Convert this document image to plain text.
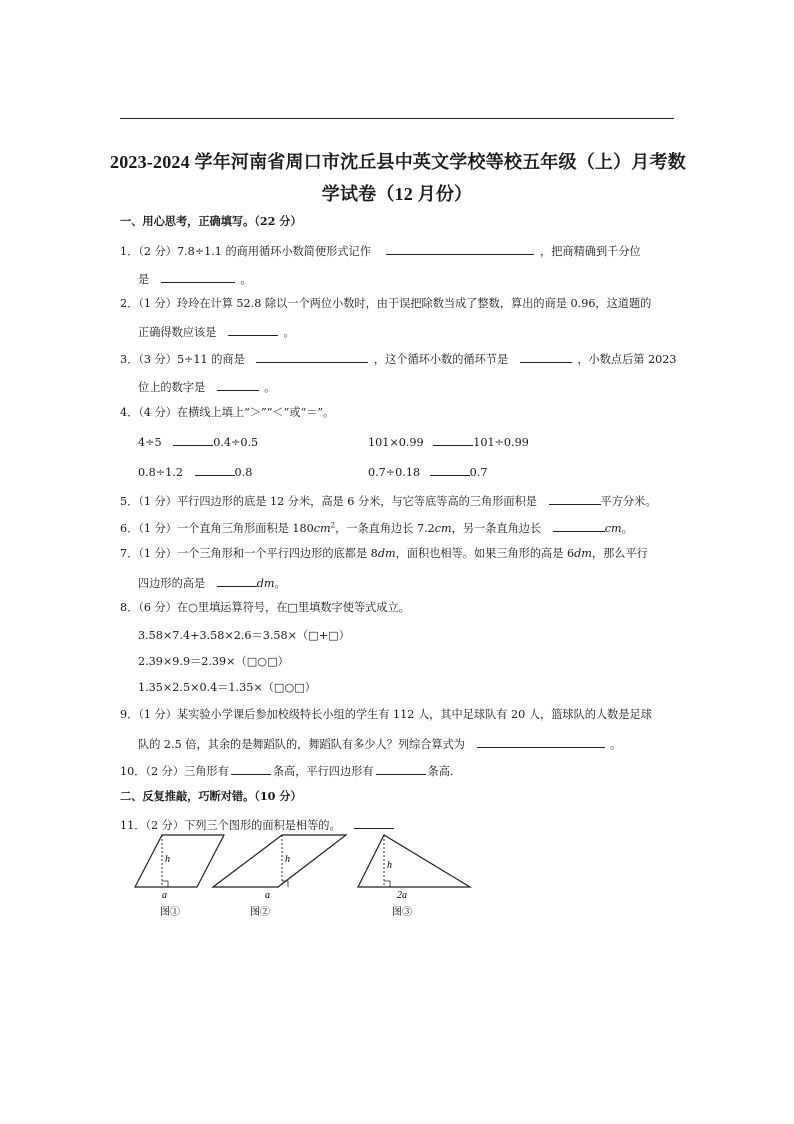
2023-2024 学年河南省周口市沈丘县中英文学校等校五年级（上）月考数
学试卷（12 月份）
一、用心思考，正确填写。（22 分）
1．（2 分）7.8÷1.1 的商用循环小数简便形式记作	，把商精确到千分位
是	。
2．（1 分）玲玲在计算 52.8 除以一个两位小数时，由于误把除数当成了整数，算出的商是 0.96，这道题的
正确得数应该是	。
3．（3 分）5÷11 的商是	，这个循环小数的循环节是	，小数点后第 2023
位上的数字是	。
4．（4 分）在横线上填上“＞”“＜”或“＝”。
4÷5	0.4÷0.5	101×0.99	101÷0.99
0.8÷1.2	0.8	0.7÷0.18	0.7
5．（1 分）平行四边形的底是 12 分米，高是 6 分米，与它等底等高的三角形面积是	平方分米。
6．（1 分）一个直角三角形面积是 $180cm^2$，一条直角边长 7.2cm，另一条直角边长	cm。
7．（1 分）一个三角形和一个平行四边形的底都是 8dm，面积也相等。如果三角形的高是 6dm，那么平行
四边形的高是	dm。
8．（6 分）在○里填运算符号，在□里填数字使等式成立。
3.58×7.4+3.58×2.6＝3.58×（□+□）
2.39×9.9＝2.39×（□○□）
1.35×2.5×0.4＝1.35×（□○□）
9．（1 分）某实验小学课后参加校级特长小组的学生有 112 人，其中足球队有 20 人，篮球队的人数是足球
队的 2.5 倍，其余的是舞蹈队的，舞蹈队有多少人？列综合算式为	。
10．（2 分）三角形有	条高，平行四边形有	条高.
二、反复推敲，巧断对错。（10 分）
11．（2 分）下列三个图形的面积是相等的。
h
a
图①
h
a
图②
h
2a
图③
